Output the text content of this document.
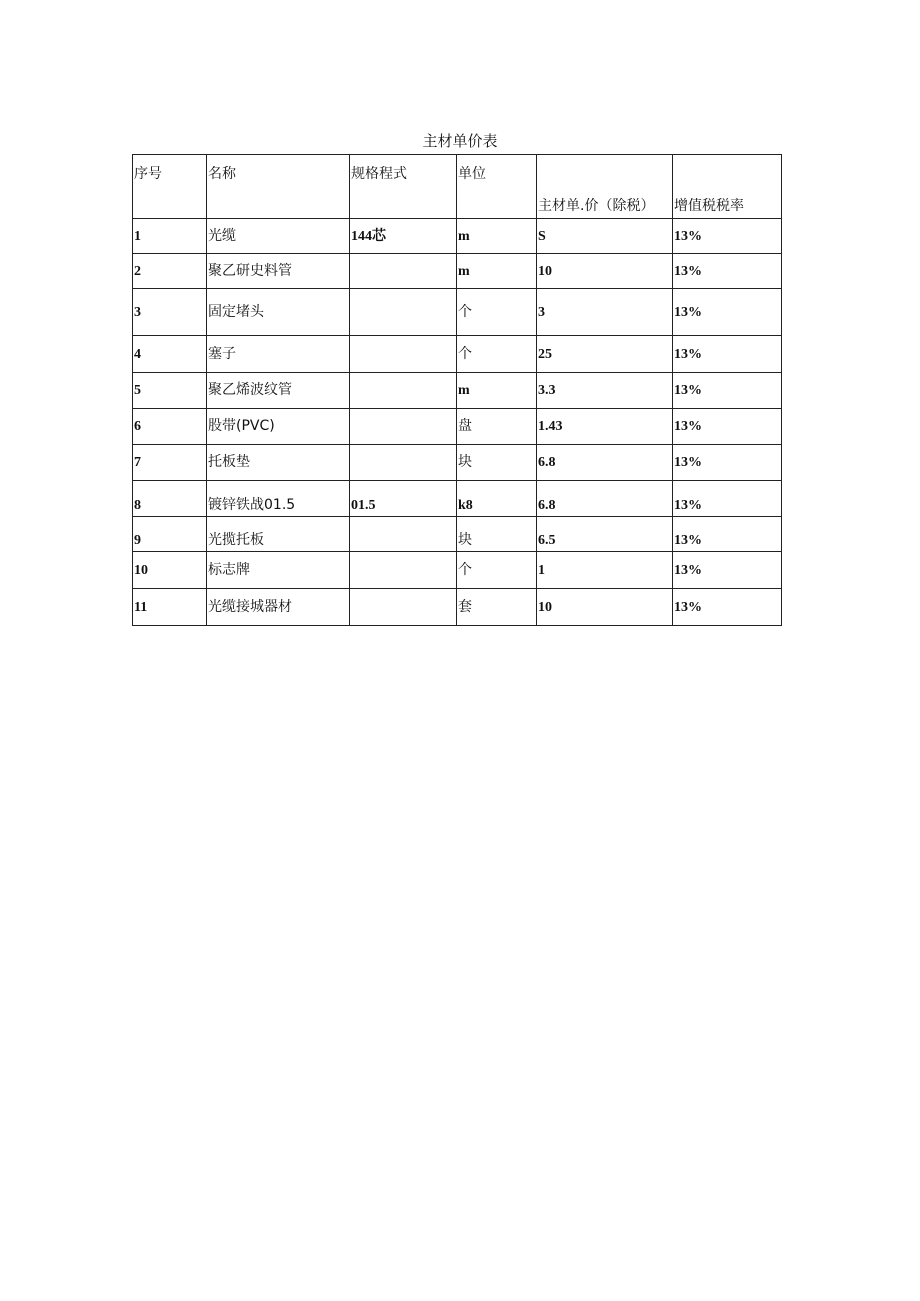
主材单价表
序号	名称	规格程式	单位	主材单.价（除税）	增值税税率
1	光缆	144芯	m	S	13%
2	聚乙研史料管		m	10	13%
3	固定堵头		个	3	13%
4	塞子		个	25	13%
5	聚乙烯波纹管		m	3.3	13%
6	股带(PVC)		盘	1.43	13%
7	托板垫		块	6.8	13%
8	镀锌铁战01.5	01.5	k8	6.8	13%
9	光揽托板		块	6.5	13%
10	标志牌		个	1	13%
11	光缆接城器材		套	10	13%
